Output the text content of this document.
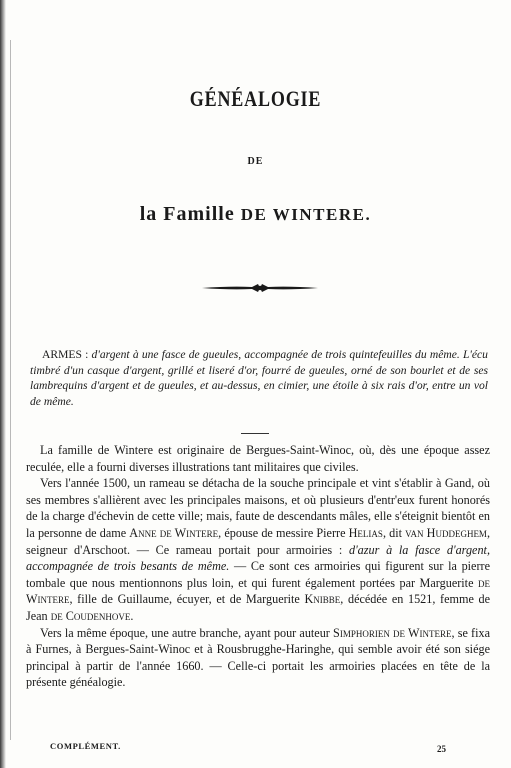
GÉNÉALOGIE
DE
la Famille DE WINTERE.

ARMES : d'argent à une fasce de gueules, accompagnée de trois quintefeuilles du même. L'écu timbré d'un casque d'argent, grillé et liseré d'or, fourré de gueules, orné de son bourlet et de ses lambrequins d'argent et de gueules, et au-dessus, en cimier, une étoile à six rais d'or, entre un vol de même.

La famille de Wintere est originaire de Bergues-Saint-Winoc, où, dès une époque assez reculée, elle a fourni diverses illustrations tant militaires que civiles.

Vers l'année 1500, un rameau se détacha de la souche principale et vint s'établir à Gand, où ses membres s'allièrent avec les principales maisons, et où plusieurs d'entr'eux furent honorés de la charge d'échevin de cette ville; mais, faute de descendants mâles, elle s'éteignit bientôt en la personne de dame Anne de Wintere, épouse de messire Pierre Helias, dit van Huddeghem, seigneur d'Arschoot. — Ce rameau portait pour armoiries : d'azur à la fasce d'argent, accompagnée de trois besants de même. — Ce sont ces armoiries qui figurent sur la pierre tombale que nous mentionnons plus loin, et qui furent également portées par Marguerite de Wintere, fille de Guillaume, écuyer, et de Marguerite Knibbe, décédée en 1521, femme de Jean de Coudenhove.

Vers la même époque, une autre branche, ayant pour auteur Simphorien de Wintere, se fixa à Furnes, à Bergues-Saint-Winoc et à Rousbrugghe-Haringhe, qui semble avoir été son siége principal à partir de l'année 1660. — Celle-ci portait les armoiries placées en tête de la présente généalogie.

COMPLÉMENT.	25
